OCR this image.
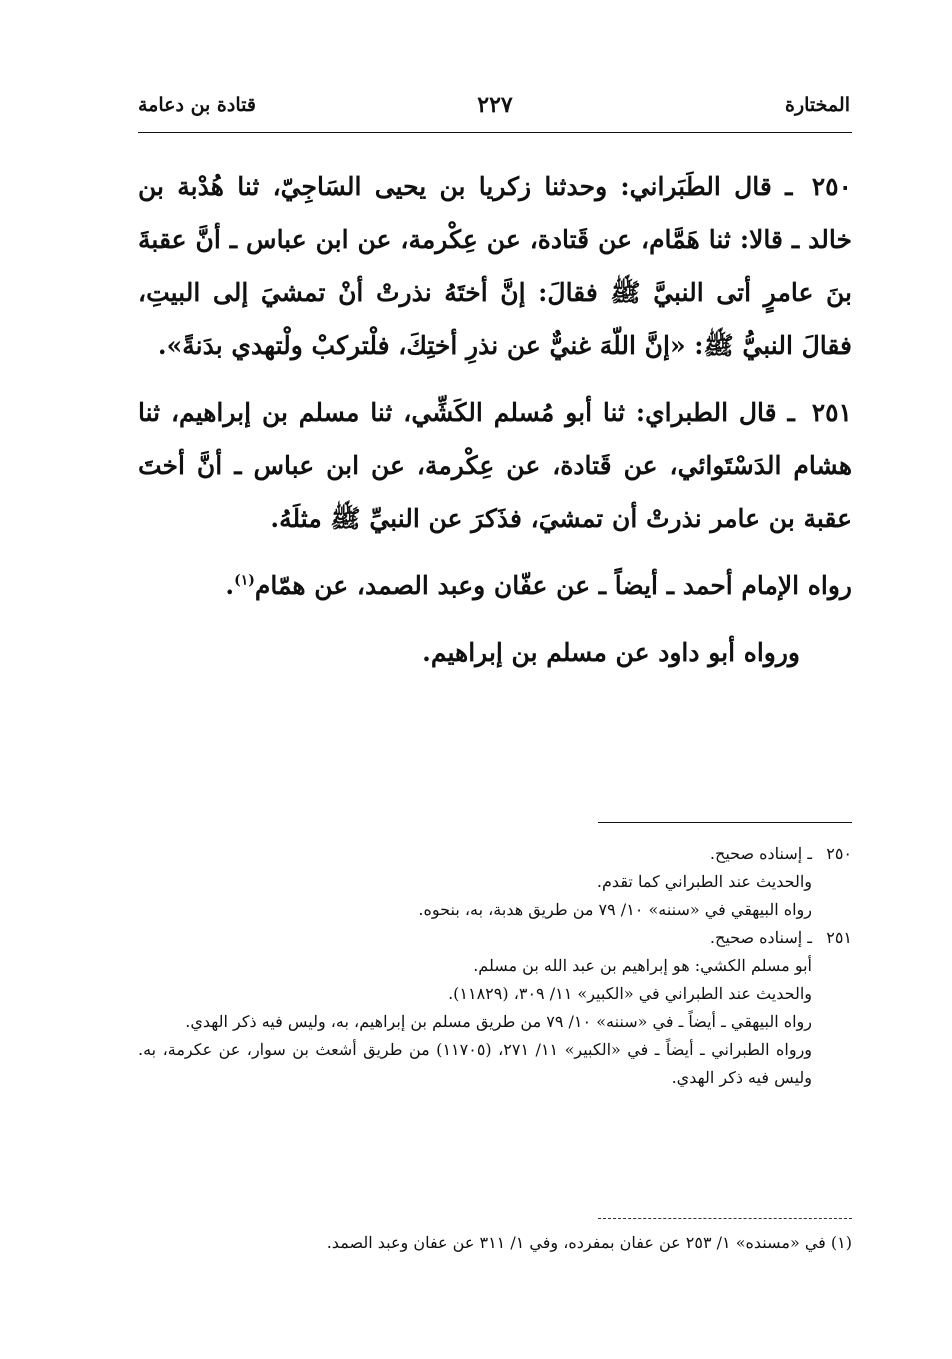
المختارة
٢٢٧
قتادة بن دعامة

٢٥٠ ـ قال الطَبَراني: وحدثنا زكريا بن يحيى السَاجِيّ، ثنا هُدْبة بن خالد ـ قالا: ثنا هَمَّام، عن قَتادة، عن عِكْرمة، عن ابن عباس ـ أنَّ عقبةَ بنَ عامرٍ أتى النبيَّ ﷺ فقالَ: إنَّ أختَهُ نذرتْ أنْ تمشيَ إلى البيتِ، فقالَ النبيُّ ﷺ: «إنَّ اللّهَ غنيٌّ عن نذرِ أختِكَ، فلْتركبْ ولْتهدي بدَنةً».

٢٥١ ـ قال الطبراي: ثنا أبو مُسلم الكَشِّي، ثنا مسلم بن إبراهيم، ثنا هشام الدَسْتَوائي، عن قَتادة، عن عِكْرمة، عن ابن عباس ـ أنَّ أختَ عقبة بن عامر نذرتْ أن تمشيَ، فذَكرَ عن النبيِّ ﷺ مثلَهُ.

رواه الإمام أحمد ـ أيضاً ـ عن عفّان وعبد الصمد، عن همّام$^{(١)}$.

ورواه أبو داود عن مسلم بن إبراهيم.

٢٥٠ـ إسناده صحيح.

والحديث عند الطبراني كما تقدم.

رواه البيهقي في «سننه» ١٠/ ٧٩ من طريق هدبة، به، بنحوه.

٢٥١ـ إسناده صحيح.

أبو مسلم الكشي: هو إبراهيم بن عبد الله بن مسلم.

والحديث عند الطبراني في «الكبير» ١١/ ٣٠٩، (١١٨٢٩).

رواه البيهقي ـ أيضاً ـ في «سننه» ١٠/ ٧٩ من طريق مسلم بن إبراهيم، به، وليس فيه ذكر الهدي.

ورواه الطبراني ـ أيضاً ـ في «الكبير» ١١/ ٢٧١، (١١٧٠٥) من طريق أشعث بن سوار، عن عكرمة، به. وليس فيه ذكر الهدي.

(١) في «مسنده» ١/ ٢٥٣ عن عفان بمفرده، وفي ١/ ٣١١ عن عفان وعبد الصمد.
